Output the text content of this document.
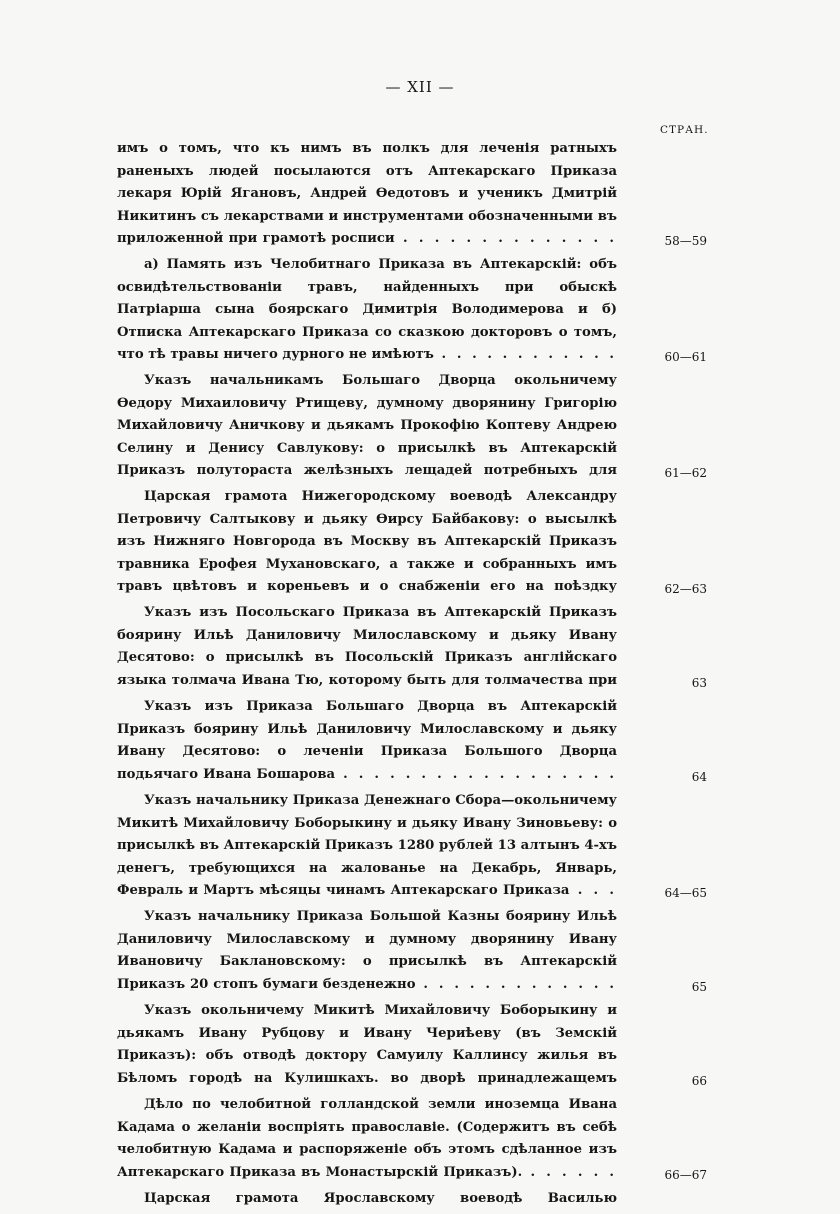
— XII —
СТРАН.
имъ о томъ, что къ нимъ въ полкъ для леченія ратныхъ раненыхъ людей посылаются отъ Аптекарскаго Приказа лекаря Юрій Ягановъ, Андрей Өедотовъ и ученикъ Дмитрій Никитинъ съ лекарствами и инструментами обозначенными въ приложенной при грамотѣ росписи . . .	58—59
а) Память изъ Челобитнаго Приказа въ Аптекарскій: объ освидѣтельствованіи травъ, найденныхъ при обыскѣ Патріарша сына боярскаго Димитрія Володимерова и б) Отписка Аптекарскаго Приказа со сказкою докторовъ о томъ, что тѣ травы ничего дурного не имѣютъ . . .	60—61
Указъ начальникамъ Большаго Дворца окольничему Өедору Михаиловичу Ртищеву, думному дворянину Григорію Михайловичу Аничкову и дьякамъ Прокофію Коптеву Андрею Селину и Денису Савлукову: о присылкѣ въ Аптекарскій Приказъ полутораста желѣзныхъ лещадей потребныхъ для . . .	61—62
Царская грамота Нижегородскому воеводѣ Александру Петровичу Салтыкову и дьяку Өирсу Байбакову: о высылкѣ изъ Нижняго Новгорода въ Москву въ Аптекарскій Приказъ травника Ерофея Мухановскаго, а также и собранныхъ имъ травъ цвѣтовъ и кореньевъ и о снабженіи его на поѣздку . . .	62—63
Указъ изъ Посольскаго Приказа въ Аптекарскій Приказъ боярину Ильѣ Даниловичу Милославскому и дьяку Ивану Десятово: о присылкѣ въ Посольскій Приказъ англійскаго языка толмача Ивана Тю, которому быть для толмачества при . . .	63
Указъ изъ Приказа Большаго Дворца въ Аптекарскій Приказъ боярину Ильѣ Даниловичу Милославскому и дьяку Ивану Десятово: о леченіи Приказа Большого Дворца подьячаго Ивана Бошарова . . .	64
Указъ начальнику Приказа Денежнаго Сбора—окольничему Микитѣ Михайловичу Боборыкину и дьяку Ивану Зиновьеву: о присылкѣ въ Аптекарскій Приказъ 1280 рублей 13 алтынъ 4-хъ денегъ, требующихся на жалованье на Декабрь, Январь, Февраль и Мартъ мѣсяцы чинамъ Аптекарскаго Приказа . . .	64—65
Указъ начальнику Приказа Большой Казны боярину Ильѣ Даниловичу Милославскому и думному дворянину Ивану Ивановичу Баклановскому: о присылкѣ въ Аптекарскій Приказъ 20 стопъ бумаги безденежно . . .	65
Указъ окольничему Микитѣ Михайловичу Боборыкину и дьякамъ Ивану Рубцову и Ивану Чериѣеву (въ Земскій Приказъ): объ отводѣ доктору Самуилу Каллинсу жилья въ Бѣломъ городѣ на Кулишкахъ. во дворѣ принадлежащемъ . . .	66
Дѣло по челобитной голландской земли иноземца Ивана Кадама о желаніи воспріять православіе. (Содержитъ въ себѣ челобитную Кадама и распоряженіе объ этомъ сдѣланное изъ Аптекарскаго Приказа въ Монастырскій Приказъ). . . .	66—67
Царская грамота Ярославскому воеводѣ Василью . . .
